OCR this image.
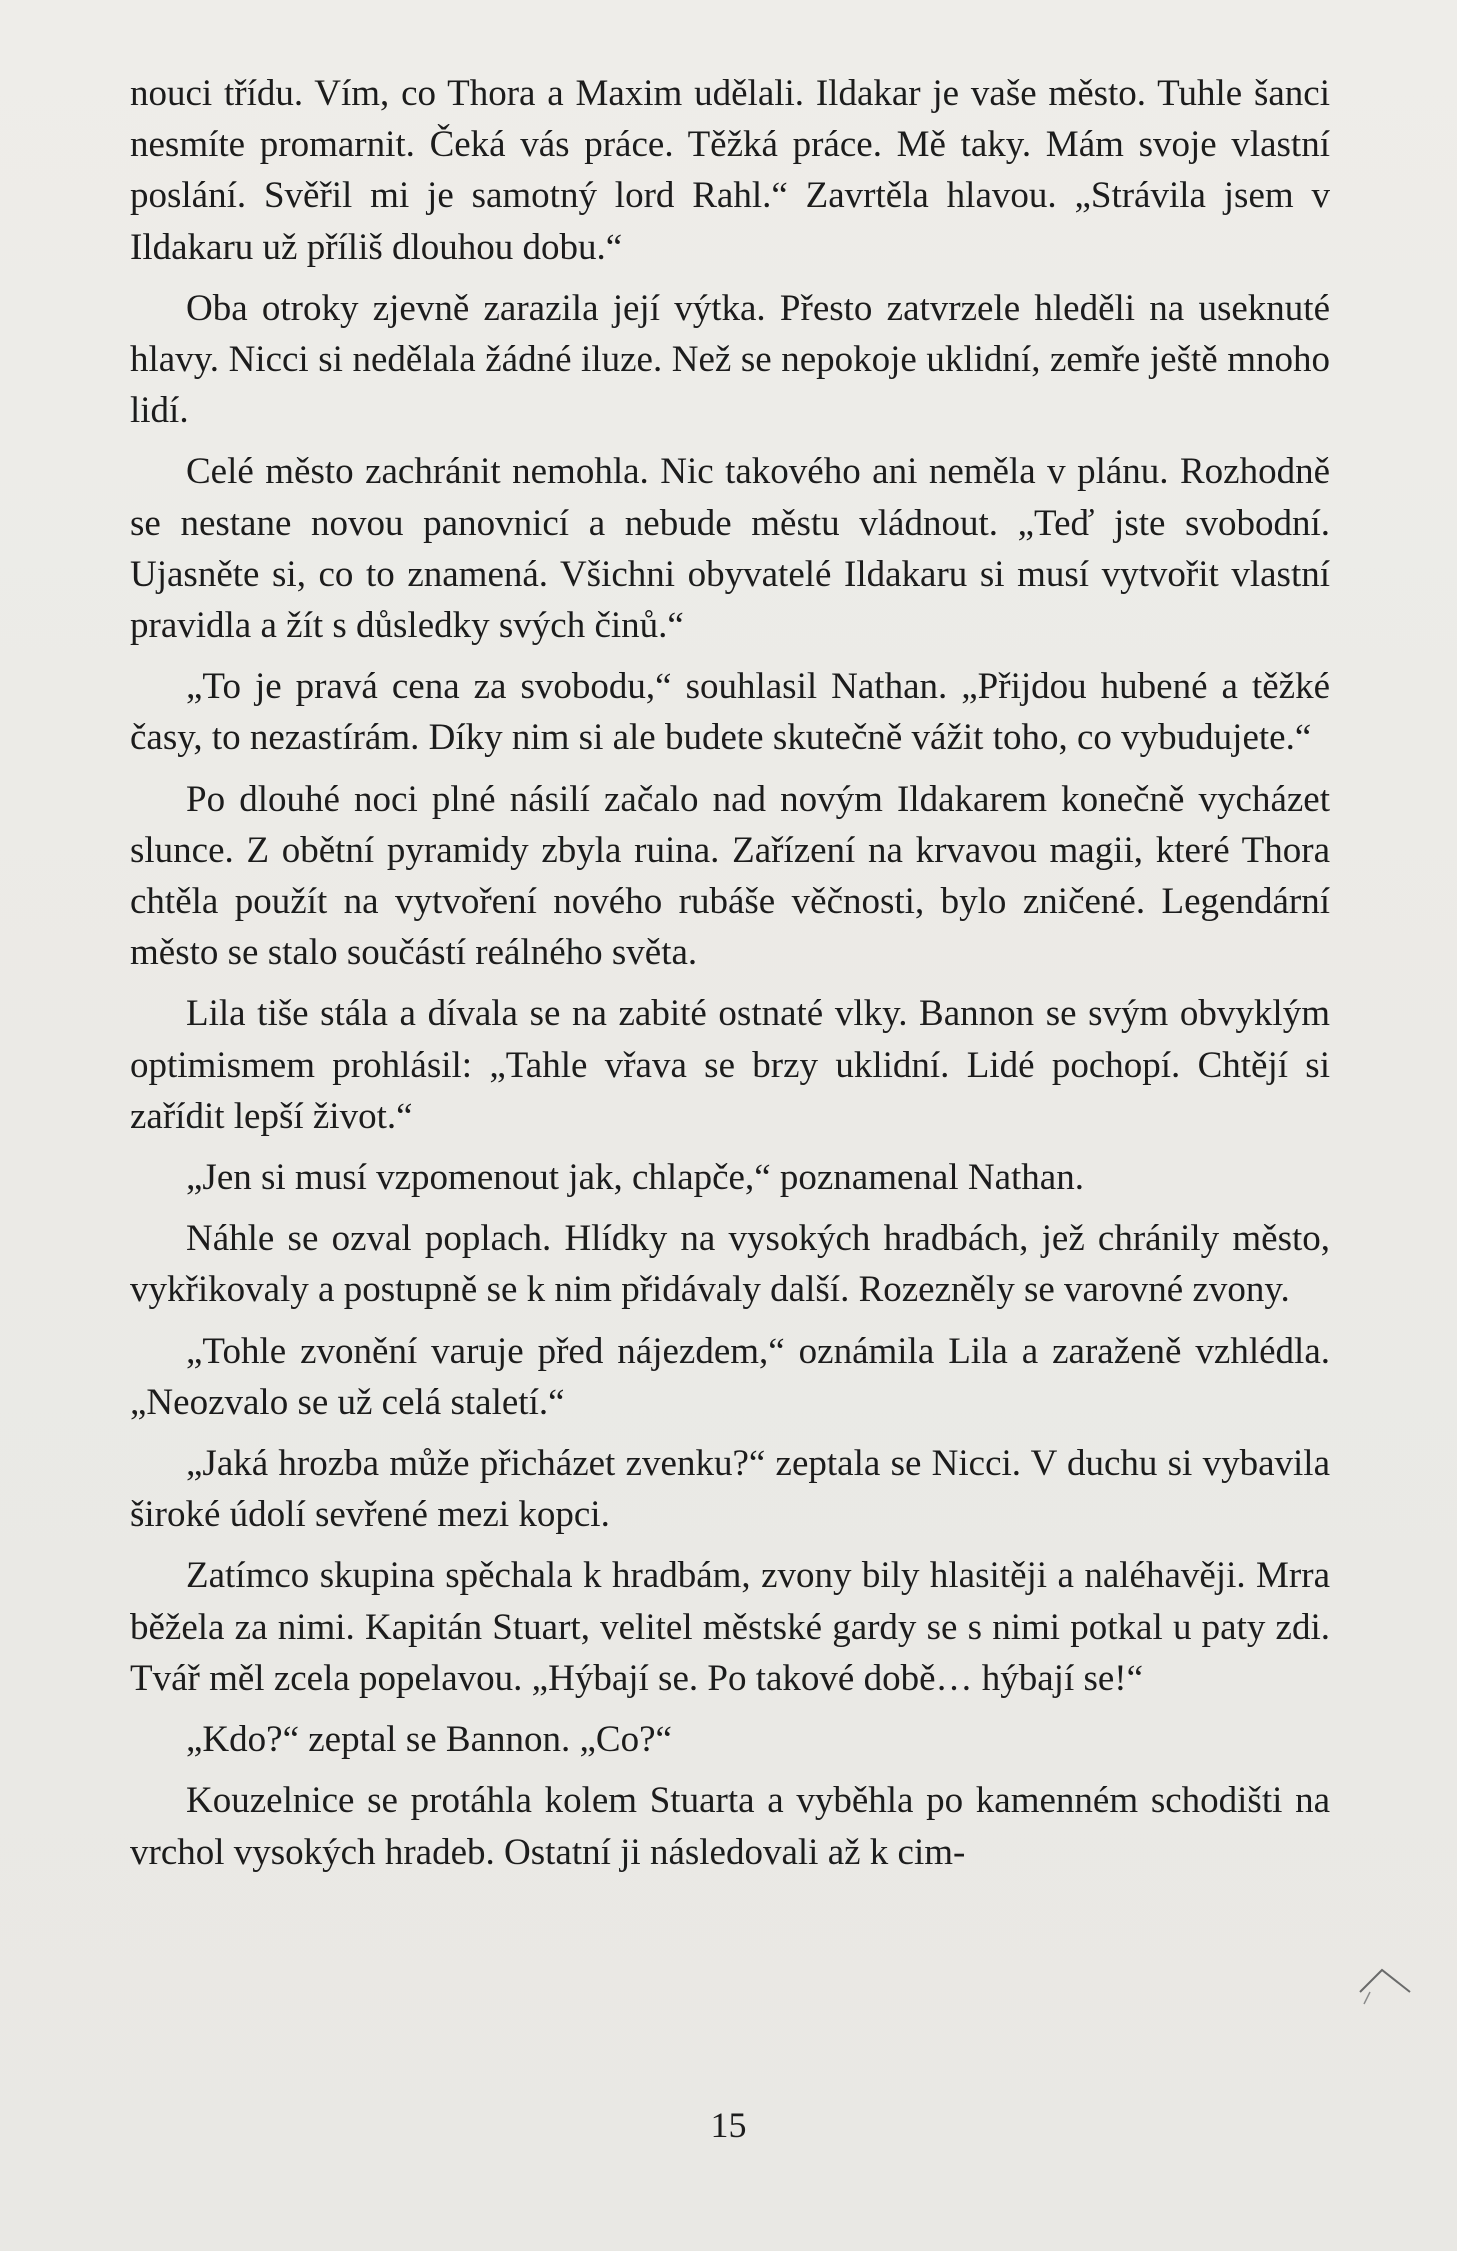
nouci třídu. Vím, co Thora a Maxim udělali. Ildakar je vaše město. Tuhle šanci nesmíte promarnit. Čeká vás práce. Těžká práce. Mě taky. Mám svoje vlastní poslání. Svěřil mi je samotný lord Rahl.“ Zavrtěla hlavou. „Strávila jsem v Ildakaru už příliš dlouhou dobu.“

Oba otroky zjevně zarazila její výtka. Přesto zatvrzele hleděli na useknuté hlavy. Nicci si nedělala žádné iluze. Než se nepokoje uklidní, zemře ještě mnoho lidí.

Celé město zachránit nemohla. Nic takového ani neměla v plánu. Rozhodně se nestane novou panovnicí a nebude městu vládnout. „Teď jste svobodní. Ujasněte si, co to znamená. Všichni obyvatelé Ildakaru si musí vytvořit vlastní pravidla a žít s důsledky svých činů.“

„To je pravá cena za svobodu,“ souhlasil Nathan. „Přijdou hubené a těžké časy, to nezastírám. Díky nim si ale budete skutečně vážit toho, co vybudujete.“

Po dlouhé noci plné násilí začalo nad novým Ildakarem konečně vycházet slunce. Z obětní pyramidy zbyla ruina. Zařízení na krvavou magii, které Thora chtěla použít na vytvoření nového rubáše věčnosti, bylo zničené. Legendární město se stalo součástí reálného světa.

Lila tiše stála a dívala se na zabité ostnaté vlky. Bannon se svým obvyklým optimismem prohlásil: „Tahle vřava se brzy uklidní. Lidé pochopí. Chtějí si zařídit lepší život.“

„Jen si musí vzpomenout jak, chlapče,“ poznamenal Nathan.

Náhle se ozval poplach. Hlídky na vysokých hradbách, jež chránily město, vykřikovaly a postupně se k nim přidávaly další. Rozezněly se varovné zvony.

„Tohle zvonění varuje před nájezdem,“ oznámila Lila a zaraženě vzhlédla. „Neozvalo se už celá staletí.“

„Jaká hrozba může přicházet zvenku?“ zeptala se Nicci. V duchu si vybavila široké údolí sevřené mezi kopci.

Zatímco skupina spěchala k hradbám, zvony bily hlasitěji a naléhavěji. Mrra běžela za nimi. Kapitán Stuart, velitel městské gardy se s nimi potkal u paty zdi. Tvář měl zcela popelavou. „Hýbají se. Po takové době… hýbají se!“

„Kdo?“ zeptal se Bannon. „Co?“

Kouzelnice se protáhla kolem Stuarta a vyběhla po kamenném schodišti na vrchol vysokých hradeb. Ostatní ji následovali až k cim-

15
